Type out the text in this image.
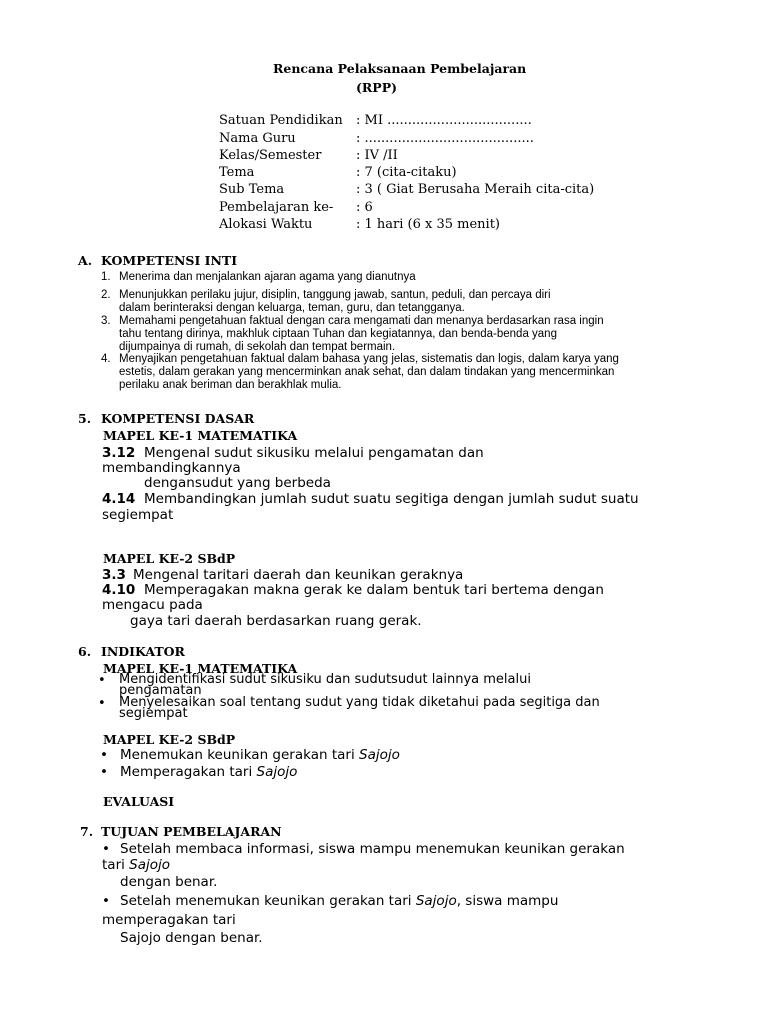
Rencana Pelaksanaan Pembelajaran
(RPP)
Satuan Pendidikan : MI ...................................
Nama Guru	: .........................................
Kelas/Semester	: IV /II
Tema	: 7 (cita-citaku)
Sub Tema	: 3 ( Giat Berusaha Meraih cita-cita)
Pembelajaran ke- : 6
Alokasi Waktu	: 1 hari (6 x 35 menit)
A. KOMPETENSI INTI
1. Menerima dan menjalankan ajaran agama yang dianutnya
2. Menunjukkan perilaku jujur, disiplin, tanggung jawab, santun, peduli, dan percaya diri
dalam berinteraksi dengan keluarga, teman, guru, dan tetangganya.
3. Memahami pengetahuan faktual dengan cara mengamati dan menanya berdasarkan rasa ingin
tahu tentang dirinya, makhluk ciptaan Tuhan dan kegiatannya, dan benda-benda yang
dijumpainya di rumah, di sekolah dan tempat bermain.
4. Menyajikan pengetahuan faktual dalam bahasa yang jelas, sistematis dan logis, dalam karya yang
estetis, dalam gerakan yang mencerminkan anak sehat, dan dalam tindakan yang mencerminkan
perilaku anak beriman dan berakhlak mulia.
5. KOMPETENSI DASAR
MAPEL KE-1 MATEMATIKA
3.12 Mengenal sudut sikusiku melalui pengamatan dan
membandingkannya
dengansudut yang berbeda
4.14 Membandingkan jumlah sudut suatu segitiga dengan jumlah sudut suatu
segiempat
MAPEL KE-2 SBdP
3.3 Mengenal taritari daerah dan keunikan geraknya
4.10 Memperagakan makna gerak ke dalam bentuk tari bertema dengan
mengacu pada
gaya tari daerah berdasarkan ruang gerak.
6. INDIKATOR
MAPEL KE-1 MATEMATIKA
• Mengidentifikasi sudut sikusiku dan sudutsudut lainnya melalui
pengamatan
• Menyelesaikan soal tentang sudut yang tidak diketahui pada segitiga dan
segiempat
MAPEL KE-2 SBdP
• Menemukan keunikan gerakan tari Sajojo
• Memperagakan tari Sajojo
EVALUASI
7. TUJUAN PEMBELAJARAN
• Setelah membaca informasi, siswa mampu menemukan keunikan gerakan
tari Sajojo
dengan benar.
• Setelah menemukan keunikan gerakan tari Sajojo, siswa mampu
memperagakan tari
Sajojo dengan benar.
